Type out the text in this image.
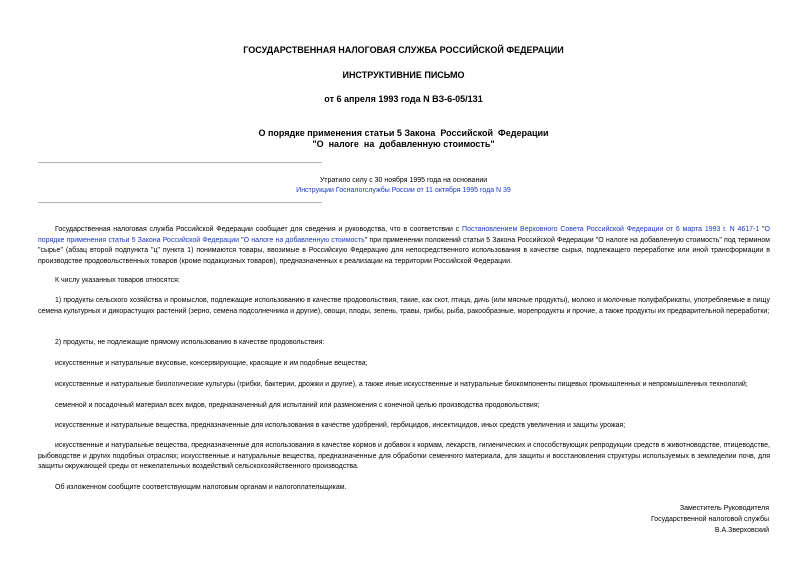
ГОСУДАРСТВЕННАЯ НАЛОГОВАЯ СЛУЖБА РОССИЙСКОЙ ФЕДЕРАЦИИ
ИНСТРУКТИВНИЕ ПИСЬМО
от 6 апреля 1993 года N ВЗ-6-05/131
О порядке применения статьи 5 Закона  Российской  Федерации
"О  налоге  на  добавленную стоимость"
Утратило силу с 30 ноября 1995 года на основании
Инструкции Госналогслужбы России от 11 октября 1995 года N 39
Государственная налоговая служба Российской Федерации сообщает для сведения и руководства, что в соответствии с Постановлением Верховного Совета Российской Федерации от 6 марта 1993 г. N 4617-1 "О порядке применения статьи 5 Закона Российской Федерации "О налоге на добавленную стоимость" при применении положений статьи 5 Закона Российской Федерации "О налоге на добавленную стоимость" под термином "сырье" (абзац второй подпункта "ц" пункта 1) понимаются товары, ввозимые в Российскую Федерацию для непосредственного использования в качестве сырья, подлежащего переработке или иной трансформации в производстве продовольственных товаров (кроме подакцизных товаров), предназначенных к реализации на территории Российской Федерации.
К числу указанных товаров относятся:
1) продукты сельского хозяйства и промыслов, подлежащие использованию в качестве продовольствия, такие, как скот, птица, дичь (или мясные продукты), молоко и молочные полуфабрикаты, употребляемые в пищу семена культурных и дикорастущих растений (зерно, семена подсолнечника и другие), овощи, плоды, зелень, травы, грибы, рыба, ракообразные, морепродукты и прочие, а также продукты их предварительной переработки;
2) продукты, не подлежащие прямому использованию в качестве продовольствия:
искусственные и натуральные вкусовые, консервирующие, красящие и им подобные вещества;
искусственные и натуральные биологические культуры (грибки, бактерии, дрожжи и другие), а также иные искусственные и натуральные биокомпоненты пищевых промышленных и непромышленных технологий;
семенной и посадочный материал всех видов, предназначенный для испытаний или размножения с конечной целью производства продовольствия;
искусственные и натуральные вещества, предназначенные для использования в качестве удобрений, гербицидов, инсектицидов, иных средств увеличения и защиты урожая;
искусственные и натуральные вещества, предназначенные для использования в качестве кормов и добавок к кормам, лекарств, гигиенических и способствующих репродукции средств в животноводстве, птицеводстве, рыбоводстве и других подобных отраслях; искусственные и натуральные вещества, предназначенные для обработки семенного материала, для защиты и восстановления структуры используемых в земледелии почв, для защиты окружающей среды от нежелательных воздействий сельскохозяйственного производства.
Об изложенном сообщите соответствующим налоговым органам и налогоплательщикам.
Заместитель Руководителя
Государственной налоговой службы
В.А.Зверховский
